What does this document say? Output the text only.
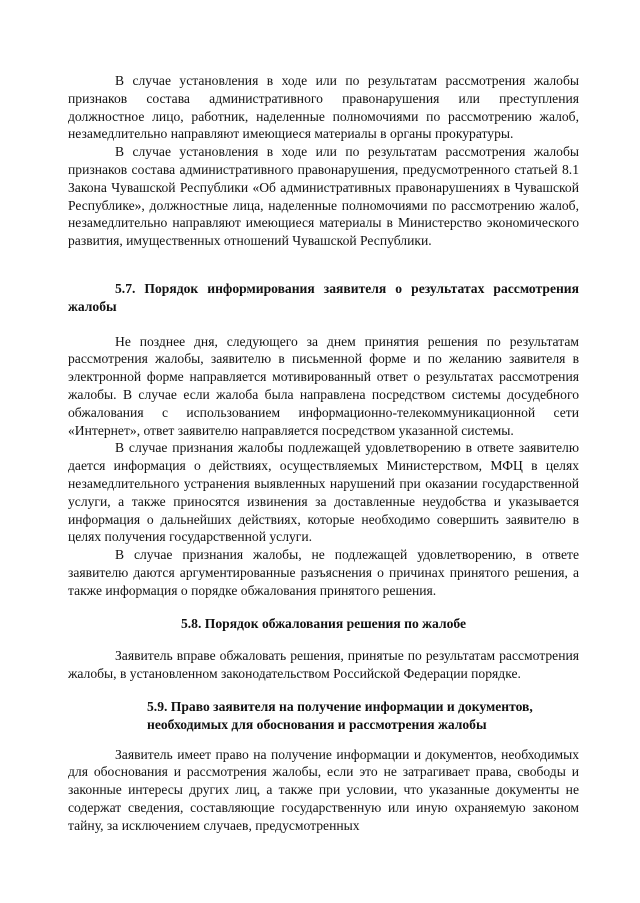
В случае установления в ходе или по результатам рассмотрения жалобы признаков состава административного правонарушения или преступления должностное лицо, работник, наделенные полномочиями по рассмотрению жалоб, незамедлительно направляют имеющиеся материалы в органы прокуратуры.

В случае установления в ходе или по результатам рассмотрения жалобы признаков состава административного правонарушения, предусмотренного статьей 8.1 Закона Чувашской Республики «Об административных правонарушениях в Чувашской Республике», должностные лица, наделенные полномочиями по рассмотрению жалоб, незамедлительно направляют имеющиеся материалы в Министерство экономического развития, имущественных отношений Чувашской Республики.

5.7. Порядок информирования заявителя о результатах рассмотрения жалобы

Не позднее дня, следующего за днем принятия решения по результатам рассмотрения жалобы, заявителю в письменной форме и по желанию заявителя в электронной форме направляется мотивированный ответ о результатах рассмотрения жалобы. В случае если жалоба была направлена посредством системы досудебного обжалования с использованием информационно-телекоммуникационной сети «Интернет», ответ заявителю направляется посредством указанной системы.

В случае признания жалобы подлежащей удовлетворению в ответе заявителю дается информация о действиях, осуществляемых Министерством, МФЦ в целях незамедлительного устранения выявленных нарушений при оказании государственной услуги, а также приносятся извинения за доставленные неудобства и указывается информация о дальнейших действиях, которые необходимо совершить заявителю в целях получения государственной услуги.

В случае признания жалобы, не подлежащей удовлетворению, в ответе заявителю даются аргументированные разъяснения о причинах принятого решения, а также информация о порядке обжалования принятого решения.

5.8. Порядок обжалования решения по жалобе

Заявитель вправе обжаловать решения, принятые по результатам рассмотрения жалобы, в установленном законодательством Российской Федерации порядке.

5.9. Право заявителя на получение информации и документов,

необходимых для обоснования и рассмотрения жалобы

Заявитель имеет право на получение информации и документов, необходимых для обоснования и рассмотрения жалобы, если это не затрагивает права, свободы и законные интересы других лиц, а также при условии, что указанные документы не содержат сведения, составляющие государственную или иную охраняемую законом тайну, за исключением случаев, предусмотренных
